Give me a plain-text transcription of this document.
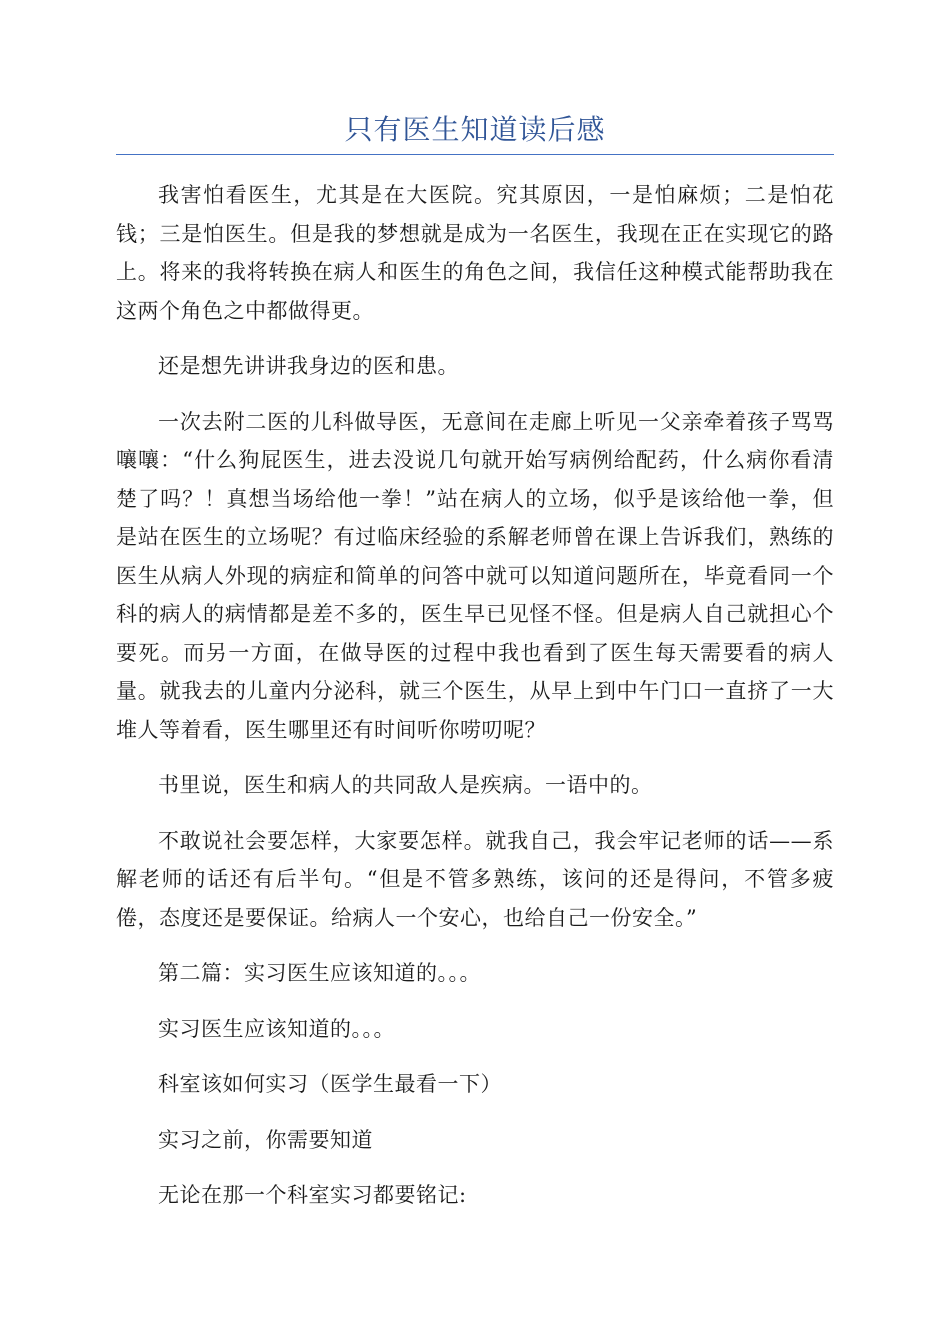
只有医生知道读后感

我害怕看医生，尤其是在大医院。究其原因，一是怕麻烦；二是怕花钱；三是怕医生。但是我的梦想就是成为一名医生，我现在正在实现它的路上。将来的我将转换在病人和医生的角色之间，我信任这种模式能帮助我在这两个角色之中都做得更。

还是想先讲讲我身边的医和患。

一次去附二医的儿科做导医，无意间在走廊上听见一父亲牵着孩子骂骂嚷嚷：“什么狗屁医生，进去没说几句就开始写病例给配药，什么病你看清楚了吗？！真想当场给他一拳！”站在病人的立场，似乎是该给他一拳，但是站在医生的立场呢？有过临床经验的系解老师曾在课上告诉我们，熟练的医生从病人外现的病症和简单的问答中就可以知道问题所在，毕竟看同一个科的病人的病情都是差不多的，医生早已见怪不怪。但是病人自己就担心个要死。而另一方面，在做导医的过程中我也看到了医生每天需要看的病人量。就我去的儿童内分泌科，就三个医生，从早上到中午门口一直挤了一大堆人等着看，医生哪里还有时间听你唠叨呢？

书里说，医生和病人的共同敌人是疾病。一语中的。

不敢说社会要怎样，大家要怎样。就我自己，我会牢记老师的话——系解老师的话还有后半句。“但是不管多熟练，该问的还是得问，不管多疲倦，态度还是要保证。给病人一个安心，也给自己一份安全。”

第二篇：实习医生应该知道的。。。

实习医生应该知道的。。。

科室该如何实习（医学生最看一下）

实习之前，你需要知道

无论在那一个科室实习都要铭记:
